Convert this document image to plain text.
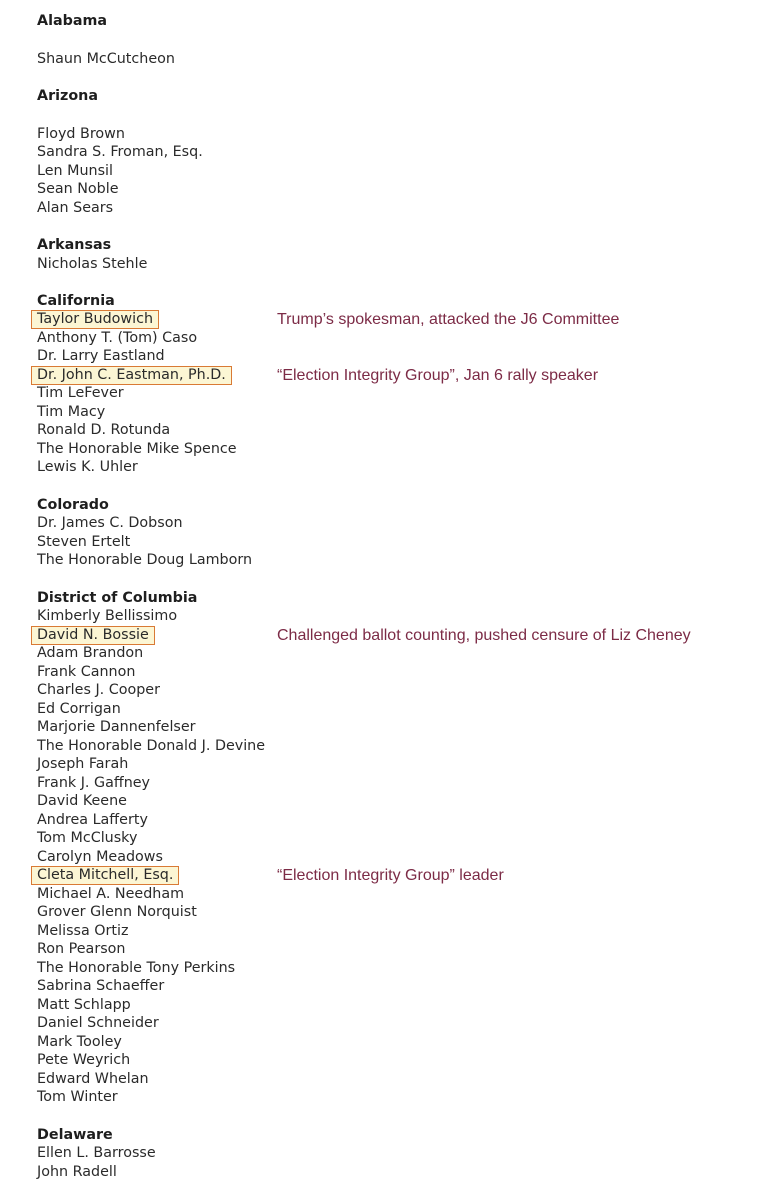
Alabama
Shaun McCutcheon
Arizona
Floyd Brown
Sandra S. Froman, Esq.
Len Munsil
Sean Noble
Alan Sears
Arkansas
Nicholas Stehle
California
Taylor Budowich	Trump’s spokesman, attacked the J6 Committee
Anthony T. (Tom) Caso
Dr. Larry Eastland
Dr. John C. Eastman, Ph.D.	“Election Integrity Group”, Jan 6 rally speaker
Tim LeFever
Tim Macy
Ronald D. Rotunda
The Honorable Mike Spence
Lewis K. Uhler
Colorado
Dr. James C. Dobson
Steven Ertelt
The Honorable Doug Lamborn
District of Columbia
Kimberly Bellissimo
David N. Bossie	Challenged ballot counting, pushed censure of Liz Cheney
Adam Brandon
Frank Cannon
Charles J. Cooper
Ed Corrigan
Marjorie Dannenfelser
The Honorable Donald J. Devine
Joseph Farah
Frank J. Gaffney
David Keene
Andrea Lafferty
Tom McClusky
Carolyn Meadows
Cleta Mitchell, Esq.	“Election Integrity Group” leader
Michael A. Needham
Grover Glenn Norquist
Melissa Ortiz
Ron Pearson
The Honorable Tony Perkins
Sabrina Schaeffer
Matt Schlapp
Daniel Schneider
Mark Tooley
Pete Weyrich
Edward Whelan
Tom Winter
Delaware
Ellen L. Barrosse
John Radell
